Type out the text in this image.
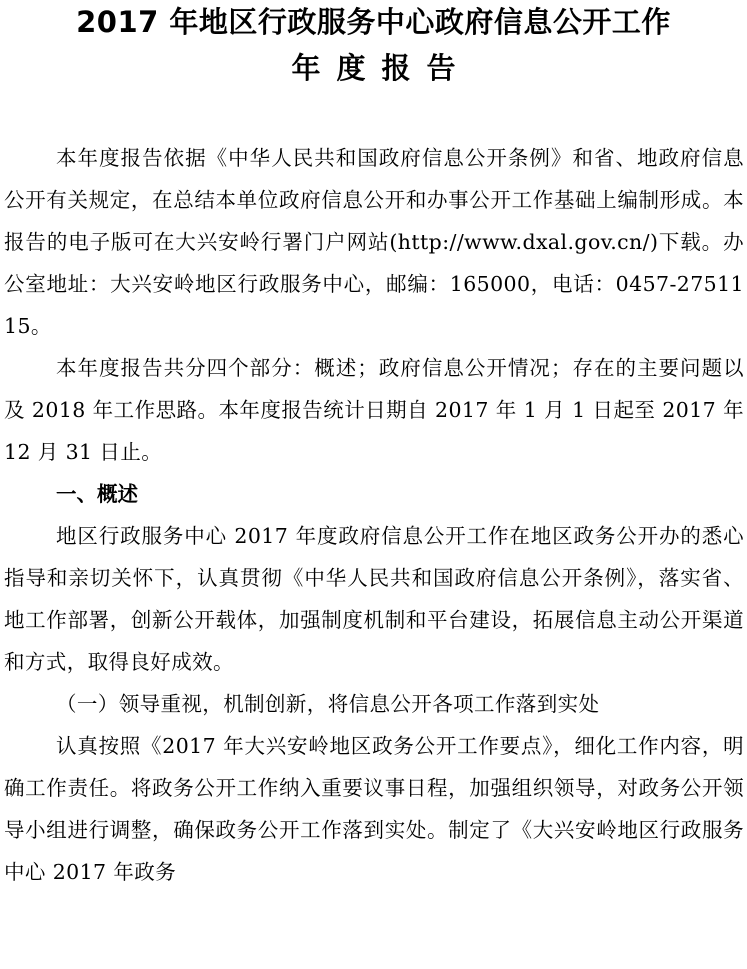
2017 年地区行政服务中心政府信息公开工作
年度报告

本年度报告依据《中华人民共和国政府信息公开条例》和省、地政府信息公开有关规定，在总结本单位政府信息公开和办事公开工作基础上编制形成。本报告的电子版可在大兴安岭行署门户网站(http://www.dxal.gov.cn/)下载。办公室地址：大兴安岭地区行政服务中心，邮编：165000，电话：0457-2751115。

本年度报告共分四个部分：概述；政府信息公开情况；存在的主要问题以及 2018 年工作思路。本年度报告统计日期自 2017 年 1 月 1 日起至 2017 年 12 月 31 日止。

一、概述

地区行政服务中心 2017 年度政府信息公开工作在地区政务公开办的悉心指导和亲切关怀下，认真贯彻《中华人民共和国政府信息公开条例》，落实省、地工作部署，创新公开载体，加强制度机制和平台建设，拓展信息主动公开渠道和方式，取得良好成效。

（一）领导重视，机制创新，将信息公开各项工作落到实处

认真按照《2017 年大兴安岭地区政务公开工作要点》，细化工作内容，明确工作责任。将政务公开工作纳入重要议事日程，加强组织领导，对政务公开领导小组进行调整，确保政务公开工作落到实处。制定了《大兴安岭地区行政服务中心 2017 年政务
